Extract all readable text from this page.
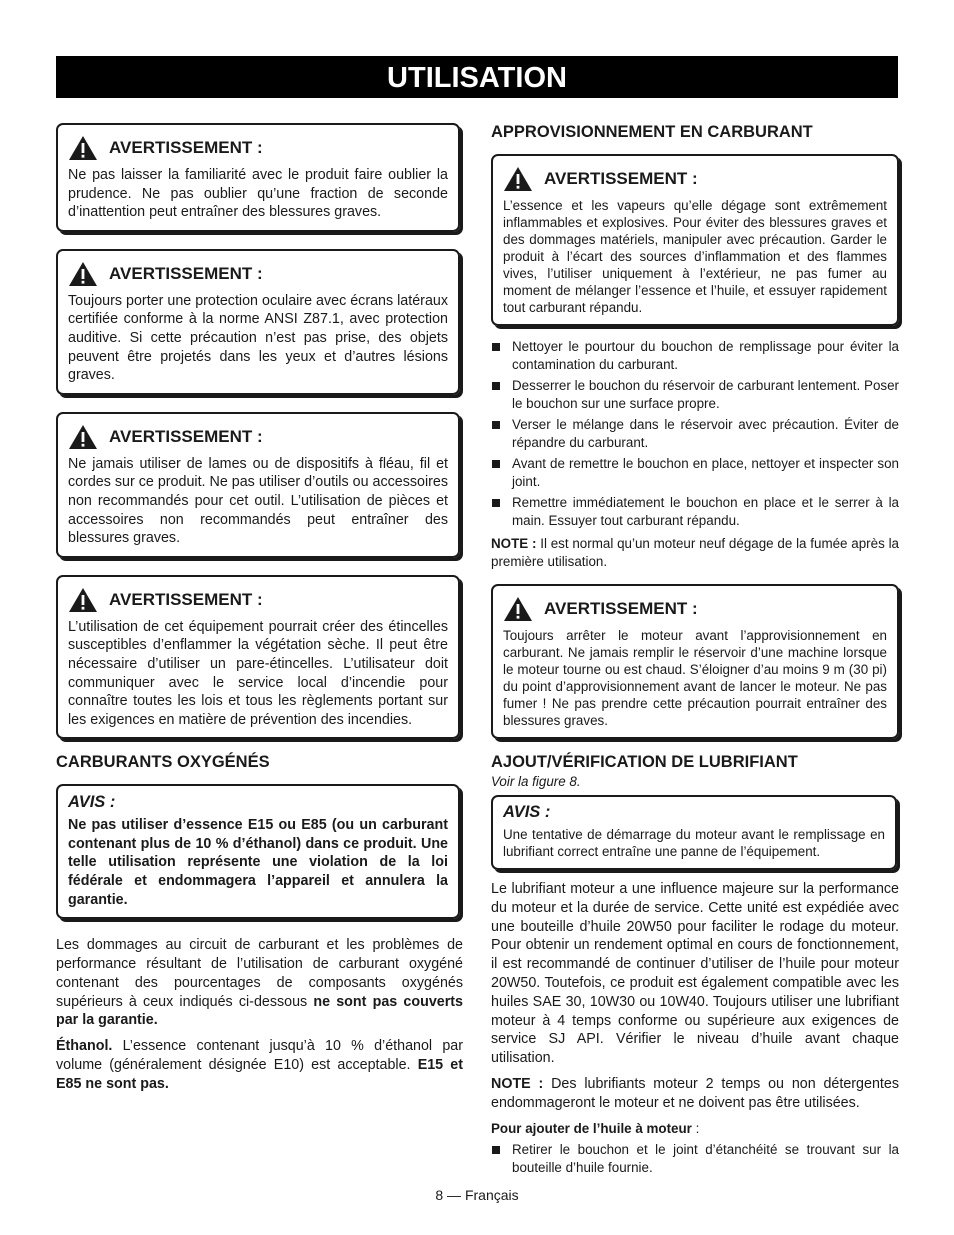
UTILISATION
AVERTISSEMENT :

Ne pas laisser la familiarité avec le produit faire oublier la prudence. Ne pas oublier qu’une fraction de seconde d’inattention peut entraîner des blessures graves.

AVERTISSEMENT :

Toujours porter une protection oculaire avec écrans latéraux certifiée conforme à la norme ANSI Z87.1, avec protection auditive. Si cette précaution n’est pas prise, des objets peuvent être projetés dans les yeux et d’autres lésions graves.

AVERTISSEMENT :

Ne jamais utiliser de lames ou de dispositifs à fléau, fil et cordes sur ce produit. Ne pas utiliser d’outils ou accessoires non recommandés pour cet outil. L’utilisation de pièces et accessoires non recommandés peut entraîner des blessures graves.

AVERTISSEMENT :

L’utilisation de cet équipement pourrait créer des étincelles susceptibles d’enflammer la végétation sèche. Il peut être nécessaire d’utiliser un pare-étincelles. L’utilisateur doit communiquer avec le service local d’incendie pour connaître toutes les lois et tous les règlements portant sur les exigences en matière de prévention des incendies.

CARBURANTS OXYGÉNÉS
AVIS :

Ne pas utiliser d’essence E15 ou E85 (ou un carburant contenant plus de 10 % d’éthanol) dans ce produit. Une telle utilisation représente une violation de la loi fédérale et endommagera l’appareil et annulera la garantie.

Les dommages au circuit de carburant et les problèmes de performance résultant de l’utilisation de carburant oxygéné contenant des pourcentages de composants oxygénés supérieurs à ceux indiqués ci-dessous ne sont pas couverts par la garantie.

Éthanol. L’essence contenant jusqu’à 10 % d’éthanol par volume (généralement désignée E10) est acceptable. E15 et E85 ne sont pas.

APPROVISIONNEMENT EN CARBURANT
AVERTISSEMENT :

L’essence et les vapeurs qu’elle dégage sont extrêmement inflammables et explosives. Pour éviter des blessures graves et des dommages matériels, manipuler avec précaution. Garder le produit à l’écart des sources d’inflammation et des flammes vives, l’utiliser uniquement à l’extérieur, ne pas fumer au moment de mélanger l’essence et l’huile, et essuyer rapidement tout carburant répandu.

Nettoyer le pourtour du bouchon de remplissage pour éviter la contamination du carburant.
Desserrer le bouchon du réservoir de carburant lentement. Poser le bouchon sur une surface propre.
Verser le mélange dans le réservoir avec précaution. Éviter de répandre du carburant.
Avant de remettre le bouchon en place, nettoyer et inspecter son joint.
Remettre immédiatement le bouchon en place et le serrer à la main. Essuyer tout carburant répandu.

NOTE : Il est normal qu’un moteur neuf dégage de la fumée après la première utilisation.

AVERTISSEMENT :

Toujours arrêter le moteur avant l’approvisionnement en carburant. Ne jamais remplir le réservoir d’une machine lorsque le moteur tourne ou est chaud. S’éloigner d’au moins 9 m (30 pi) du point d’approvisionnement avant de lancer le moteur. Ne pas fumer ! Ne pas prendre cette précaution pourrait entraîner des blessures graves.

AJOUT/VÉRIFICATION DE LUBRIFIANT

Voir la figure 8.

AVIS :

Une tentative de démarrage du moteur avant le remplissage en lubrifiant correct entraîne une panne de l’équipement.

Le lubrifiant moteur a une influence majeure sur la performance du moteur et la durée de service. Cette unité est expédiée avec une bouteille d’huile 20W50 pour faciliter le rodage du moteur. Pour obtenir un rendement optimal en cours de fonctionnement, il est recommandé de continuer d’utiliser de l’huile pour moteur 20W50. Toutefois, ce produit est également compatible avec les huiles SAE 30, 10W30 ou 10W40. Toujours utiliser une lubrifiant moteur à 4 temps conforme ou supérieure aux exigences de service SJ API. Vérifier le niveau d’huile avant chaque utilisation.

NOTE : Des lubrifiants moteur 2 temps ou non détergentes endommageront le moteur et ne doivent pas être utilisées.

Pour ajouter de l’huile à moteur :

Retirer le bouchon et le joint d’étanchéité se trouvant sur la bouteille d’huile fournie.
8 — Français
